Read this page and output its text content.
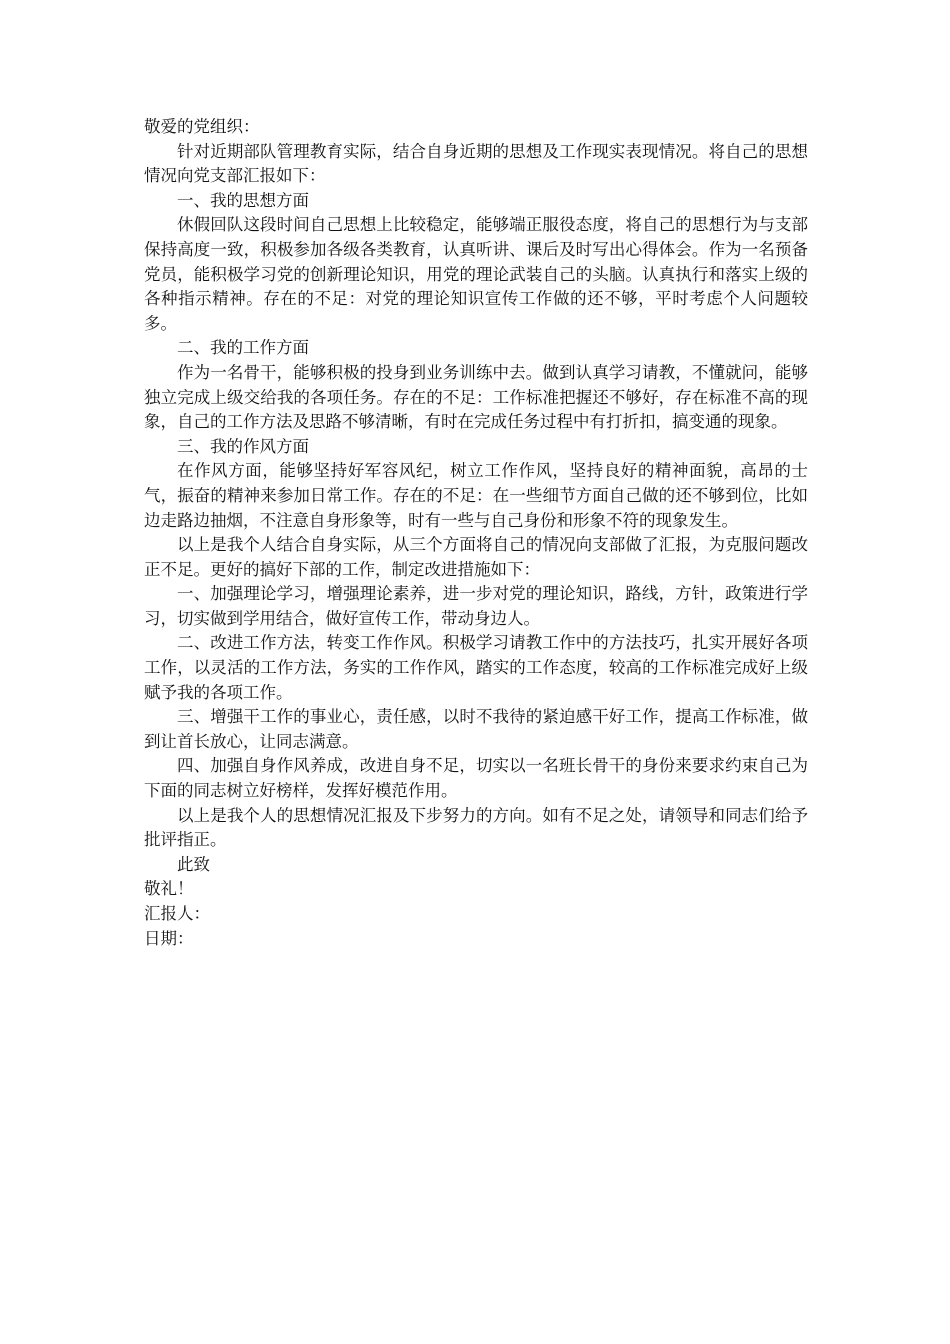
敬爱的党组织：

针对近期部队管理教育实际，结合自身近期的思想及工作现实表现情况。将自己的思想情况向党支部汇报如下：

一、我的思想方面

休假回队这段时间自己思想上比较稳定，能够端正服役态度，将自己的思想行为与支部保持高度一致，积极参加各级各类教育，认真听讲、课后及时写出心得体会。作为一名预备党员，能积极学习党的创新理论知识，用党的理论武装自己的头脑。认真执行和落实上级的各种指示精神。存在的不足：对党的理论知识宣传工作做的还不够，平时考虑个人问题较多。

二、我的工作方面

作为一名骨干，能够积极的投身到业务训练中去。做到认真学习请教，不懂就问，能够独立完成上级交给我的各项任务。存在的不足：工作标准把握还不够好，存在标准不高的现象，自己的工作方法及思路不够清晰，有时在完成任务过程中有打折扣，搞变通的现象。

三、我的作风方面

在作风方面，能够坚持好军容风纪，树立工作作风，坚持良好的精神面貌，高昂的士气，振奋的精神来参加日常工作。存在的不足：在一些细节方面自己做的还不够到位，比如边走路边抽烟，不注意自身形象等，时有一些与自己身份和形象不符的现象发生。

以上是我个人结合自身实际，从三个方面将自己的情况向支部做了汇报，为克服问题改正不足。更好的搞好下部的工作，制定改进措施如下：

一、加强理论学习，增强理论素养，进一步对党的理论知识，路线，方针，政策进行学习，切实做到学用结合，做好宣传工作，带动身边人。

二、改进工作方法，转变工作作风。积极学习请教工作中的方法技巧，扎实开展好各项工作，以灵活的工作方法，务实的工作作风，踏实的工作态度，较高的工作标准完成好上级赋予我的各项工作。

三、增强干工作的事业心，责任感，以时不我待的紧迫感干好工作，提高工作标准，做到让首长放心，让同志满意。

四、加强自身作风养成，改进自身不足，切实以一名班长骨干的身份来要求约束自己为下面的同志树立好榜样，发挥好模范作用。

以上是我个人的思想情况汇报及下步努力的方向。如有不足之处，请领导和同志们给予批评指正。

此致

敬礼！

汇报人：

日期：
